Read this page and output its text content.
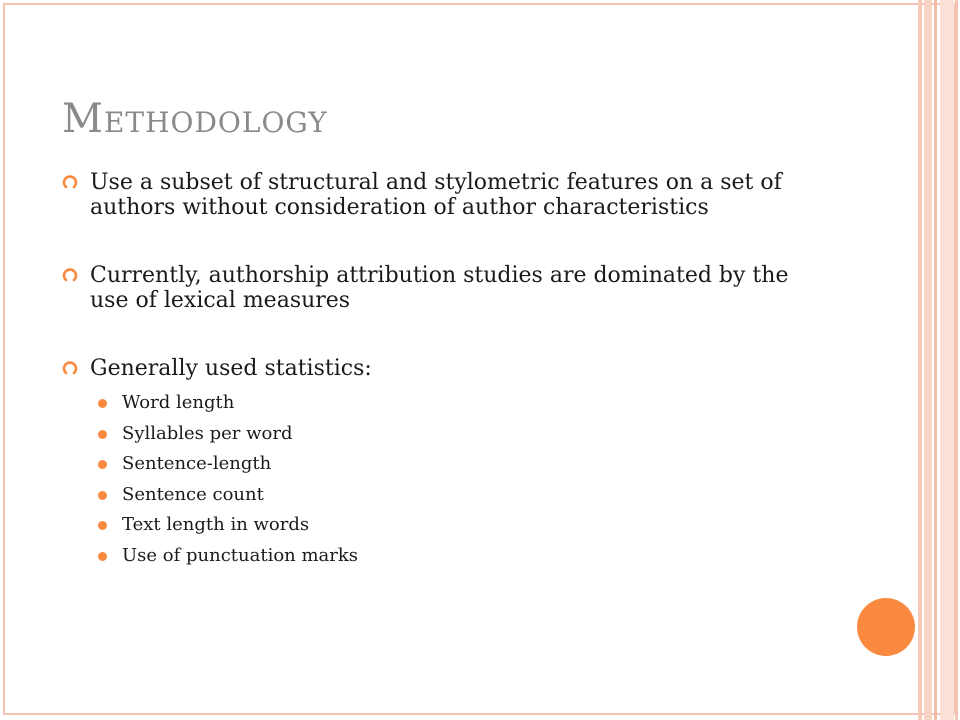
METHODOLOGY
Use a subset of structural and stylometric features on a set of authors without consideration of author characteristics
Currently, authorship attribution studies are dominated by the use of lexical measures
Generally used statistics:
Word length
Syllables per word
Sentence-length
Sentence count
Text length in words
Use of punctuation marks
